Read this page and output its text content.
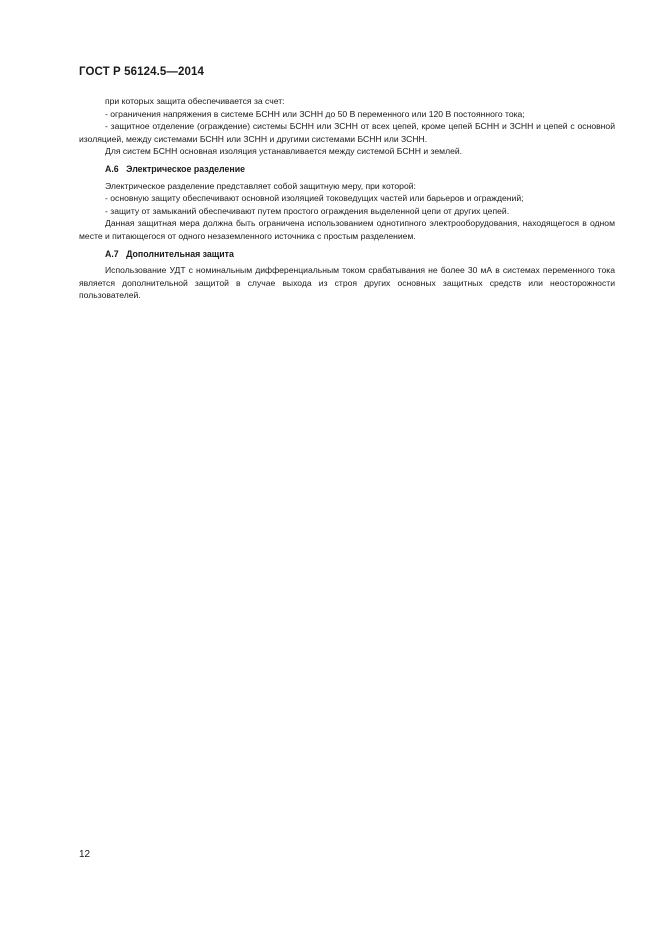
ГОСТ Р 56124.5—2014

при которых защита обеспечивается за счет:

- ограничения напряжения в системе БСНН или ЗСНН до 50 В переменного или 120 В постоянного тока;

- защитное отделение (ограждение) системы БСНН или ЗСНН от всех цепей, кроме цепей БСНН и ЗСНН и цепей с основной изоляцией, между системами БСНН или ЗСНН и другими системами БСНН или ЗСНН.

Для систем БСНН основная изоляция устанавливается между системой БСНН и землей.

А.6 Электрическое разделение

Электрическое разделение представляет собой защитную меру, при которой:

- основную защиту обеспечивают основной изоляцией токоведущих частей или барьеров и ограждений;

- защиту от замыканий обеспечивают путем простого ограждения выделенной цепи от других цепей.

Данная защитная мера должна быть ограничена использованием однотипного электрооборудования, находящегося в одном месте и питающегося от одного незаземленного источника с простым разделением.

А.7 Дополнительная защита

Использование УДТ с номинальным дифференциальным током срабатывания не более 30 мА в системах переменного тока является дополнительной защитой в случае выхода из строя других основных защитных средств или неосторожности пользователей.

12
